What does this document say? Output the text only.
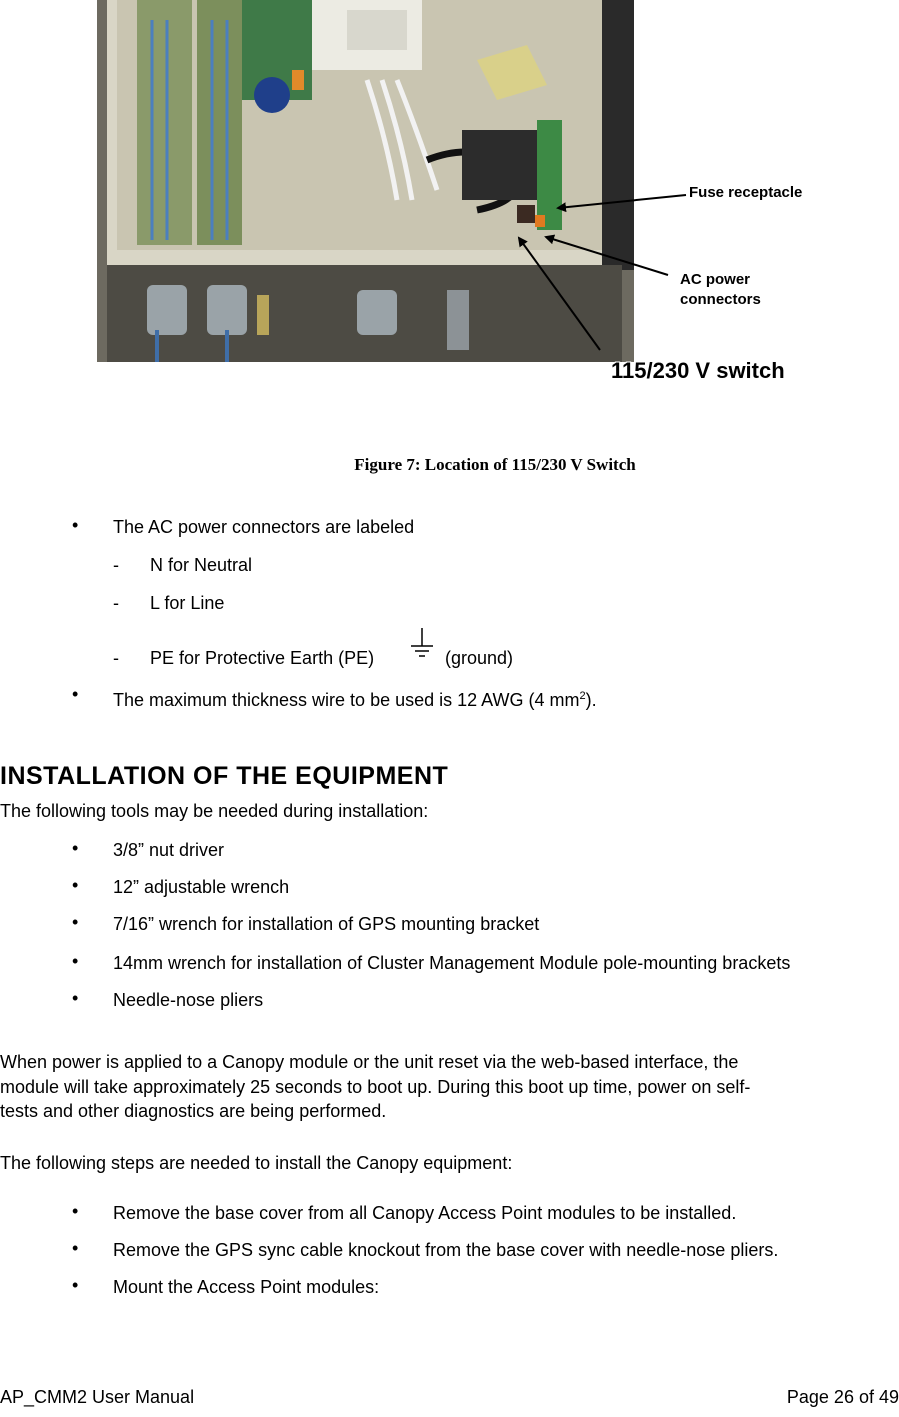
Fuse receptacle
AC power
connectors
115/230 V switch
Figure 7: Location of 115/230 V Switch
• The AC power connectors are labeled
- N for Neutral
- L for Line
- PE for Protective Earth (PE)	(ground)
• The maximum thickness wire to be used is 12 AWG (4 $mm^2$).
INSTALLATION OF THE EQUIPMENT
The following tools may be needed during installation:
• 3/8” nut driver
• 12” adjustable wrench
• 7/16” wrench for installation of GPS mounting bracket
• 14mm wrench for installation of Cluster Management Module pole-mounting brackets
• Needle-nose pliers
When power is applied to a Canopy module or the unit reset via the web-based interface, the
module will take approximately 25 seconds to boot up. During this boot up time, power on self-
tests and other diagnostics are being performed.
The following steps are needed to install the Canopy equipment:
• Remove the base cover from all Canopy Access Point modules to be installed.
• Remove the GPS sync cable knockout from the base cover with needle-nose pliers.
• Mount the Access Point modules:
AP_CMM2 User Manual	Page 26 of 49
